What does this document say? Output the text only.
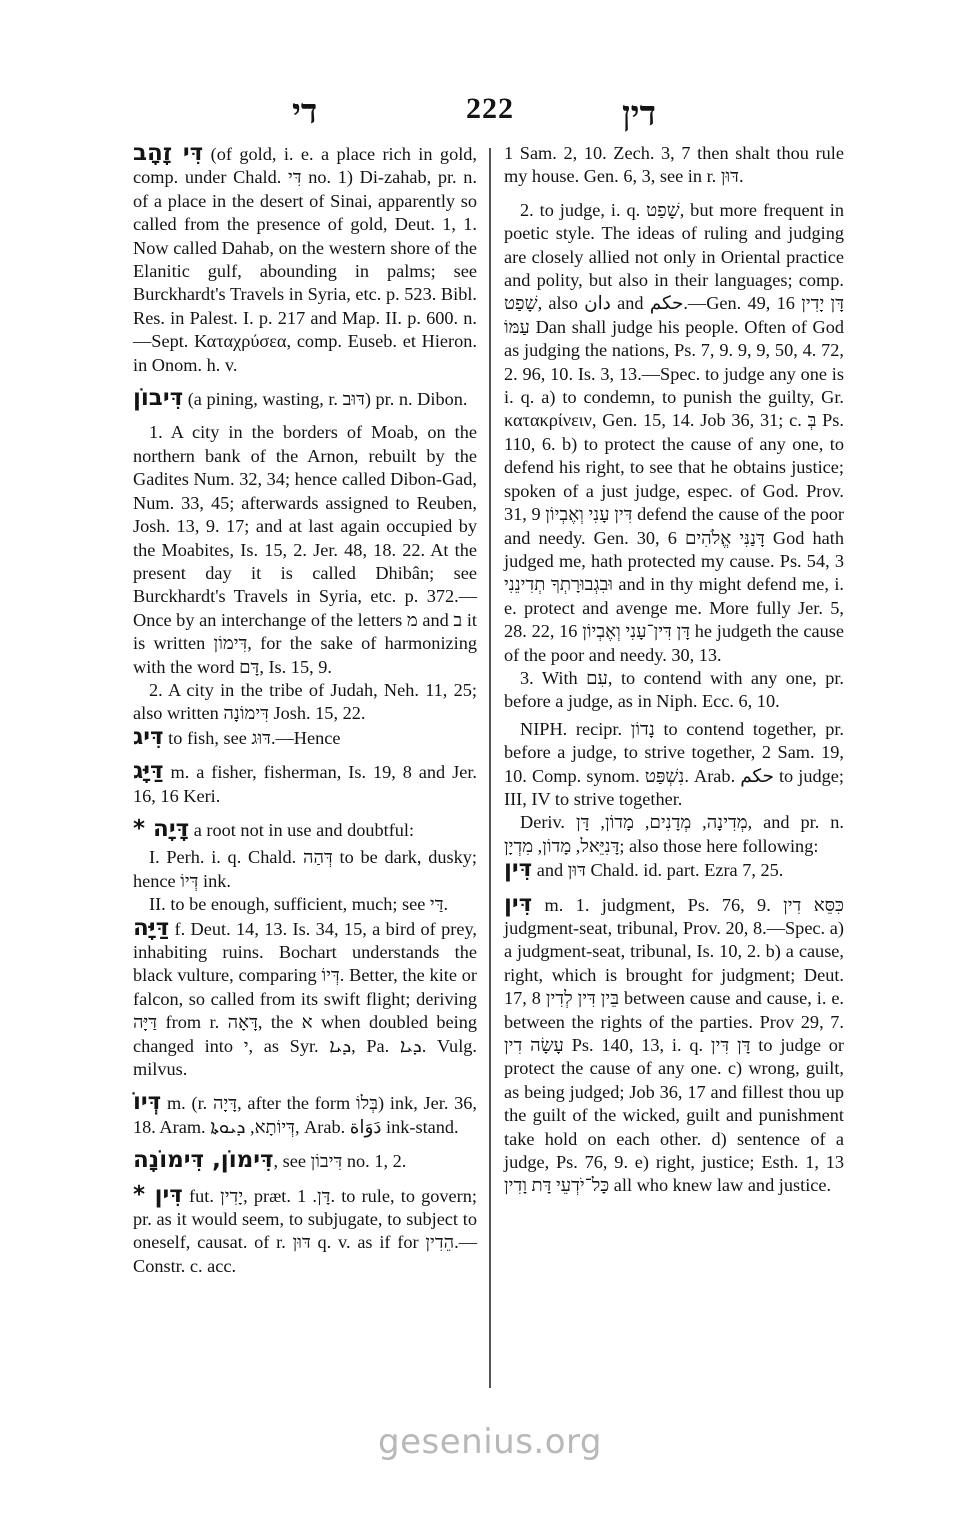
די	222	דין

דִּי זָהָב (of gold, i. e. a place rich in gold, comp. under Chald. דִּי no. 1) Di-zahab, pr. n. of a place in the desert of Sinai, apparently so called from the presence of gold, Deut. 1, 1. Now called Dahab, on the western shore of the Elanitic gulf, abounding in palms; see Burckhardt's Travels in Syria, etc. p. 523. Bibl. Res. in Palest. I. p. 217 and Map. II. p. 600. n.—Sept. Καταχρύσεα, comp. Euseb. et Hieron. in Onom. h. v.

דִּיבוֹן (a pining, wasting, r. דּוּב) pr. n. Dibon.

1. A city in the borders of Moab, on the northern bank of the Arnon, rebuilt by the Gadites Num. 32, 34; hence called Dibon-Gad, Num. 33, 45; afterwards assigned to Reuben, Josh. 13, 9. 17; and at last again occupied by the Moabites, Is. 15, 2. Jer. 48, 18. 22. At the present day it is called Dhibân; see Burckhardt's Travels in Syria, etc. p. 372.—Once by an interchange of the letters מ and ב it is written דִּימוֹן, for the sake of harmonizing with the word דָּם, Is. 15, 9.

2. A city in the tribe of Judah, Neh. 11, 25; also written דִּימוֹנָה Josh. 15, 22.

דִּיג to fish, see דּוּג.—Hence

דַּיָּג m. a fisher, fisherman, Is. 19, 8 and Jer. 16, 16 Keri.

* דָּיָה a root not in use and doubtful:

I. Perh. i. q. Chald. דְּהַה to be dark, dusky; hence דְּיוֹ ink.

II. to be enough, sufficient, much; see דַּי.

דַּיָּה f. Deut. 14, 13. Is. 34, 15, a bird of prey, inhabiting ruins. Bochart understands the black vulture, comparing דְּיוֹ. Better, the kite or falcon, so called from its swift flight; deriving דַּיָּה from r. דָּאָה, the א when doubled being changed into י, as Syr. ܕܝܐ, Pa. ܕܝܐ. Vulg. milvus.

דְּיוֹ m. (r. דָּיָה, after the form בְּלוֹ) ink, Jer. 36, 18. Aram. דְּיוֹתָא, ܕܝܘܬܐ, Arab. دَوَاة ink-stand.

דִּימוֹן, דִּימוֹנָה, see דִּיבוֹן no. 1, 2.

* דִּין fut. יָדִין, præt. דָּן. 1. to rule, to govern; pr. as it would seem, to subjugate, to subject to oneself, causat. of r. דּוּן q. v. as if for הֵדִין.—Constr. c. acc.

1 Sam. 2, 10. Zech. 3, 7 then shalt thou rule my house. Gen. 6, 3, see in r. דּוּן.

2. to judge, i. q. שָׁפַט, but more frequent in poetic style. The ideas of ruling and judging are closely allied not only in Oriental practice and polity, but also in their languages; comp. שָׁפַט, also دان and حكم.—Gen. 49, 16 דָּן יָדִין עַמּוֹ Dan shall judge his people. Often of God as judging the nations, Ps. 7, 9. 9, 9, 50, 4. 72, 2. 96, 10. Is. 3, 13.—Spec. to judge any one is i. q. a) to condemn, to punish the guilty, Gr. κατακρίνειν, Gen. 15, 14. Job 36, 31; c. בְּ Ps. 110, 6. b) to protect the cause of any one, to defend his right, to see that he obtains justice; spoken of a just judge, espec. of God. Prov. 31, 9 דִּין עָנִי וְאֶבְיוֹן defend the cause of the poor and needy. Gen. 30, 6 דָּנַנִּי אֱלֹהִים God hath judged me, hath protected my cause. Ps. 54, 3 וּבִגְבוּרָתְךָ תְדִינֵנִי and in thy might defend me, i. e. protect and avenge me. More fully Jer. 5, 28. 22, 16 דָּן דִּין־עָנִי וְאֶבְיוֹן he judgeth the cause of the poor and needy. 30, 13.

3. With עִם, to contend with any one, pr. before a judge, as in Niph. Ecc. 6, 10.

NIPH. recipr. נָדוֹן to contend together, pr. before a judge, to strive together, 2 Sam. 19, 10. Comp. synom. נִשְׁפַּט. Arab. حكم to judge; III, IV to strive together.

Deriv. מְדִינָה, מְדָנִים, מָדוֹן, דָּן, and pr. n. דָּנִיֵּאל, מָדוֹן, מִדְיָן; also those here following:

דִּין and דּוּן Chald. id. part. Ezra 7, 25.

דִּין m. 1. judgment, Ps. 76, 9. כִּסֵּא דִין judgment-seat, tribunal, Prov. 20, 8.—Spec. a) a judgment-seat, tribunal, Is. 10, 2. b) a cause, right, which is brought for judgment; Deut. 17, 8 בֵּין דִּין לְדִין between cause and cause, i. e. between the rights of the parties. Prov 29, 7. עָשָׂה דִין Ps. 140, 13, i. q. דָּן דִּין to judge or protect the cause of any one. c) wrong, guilt, as being judged; Job 36, 17 and fillest thou up the guilt of the wicked, guilt and punishment take hold on each other. d) sentence of a judge, Ps. 76, 9. e) right, justice; Esth. 1, 13 כָּל־יֹדְעֵי דָּת וָדִין all who knew law and justice.

gesenius.org
